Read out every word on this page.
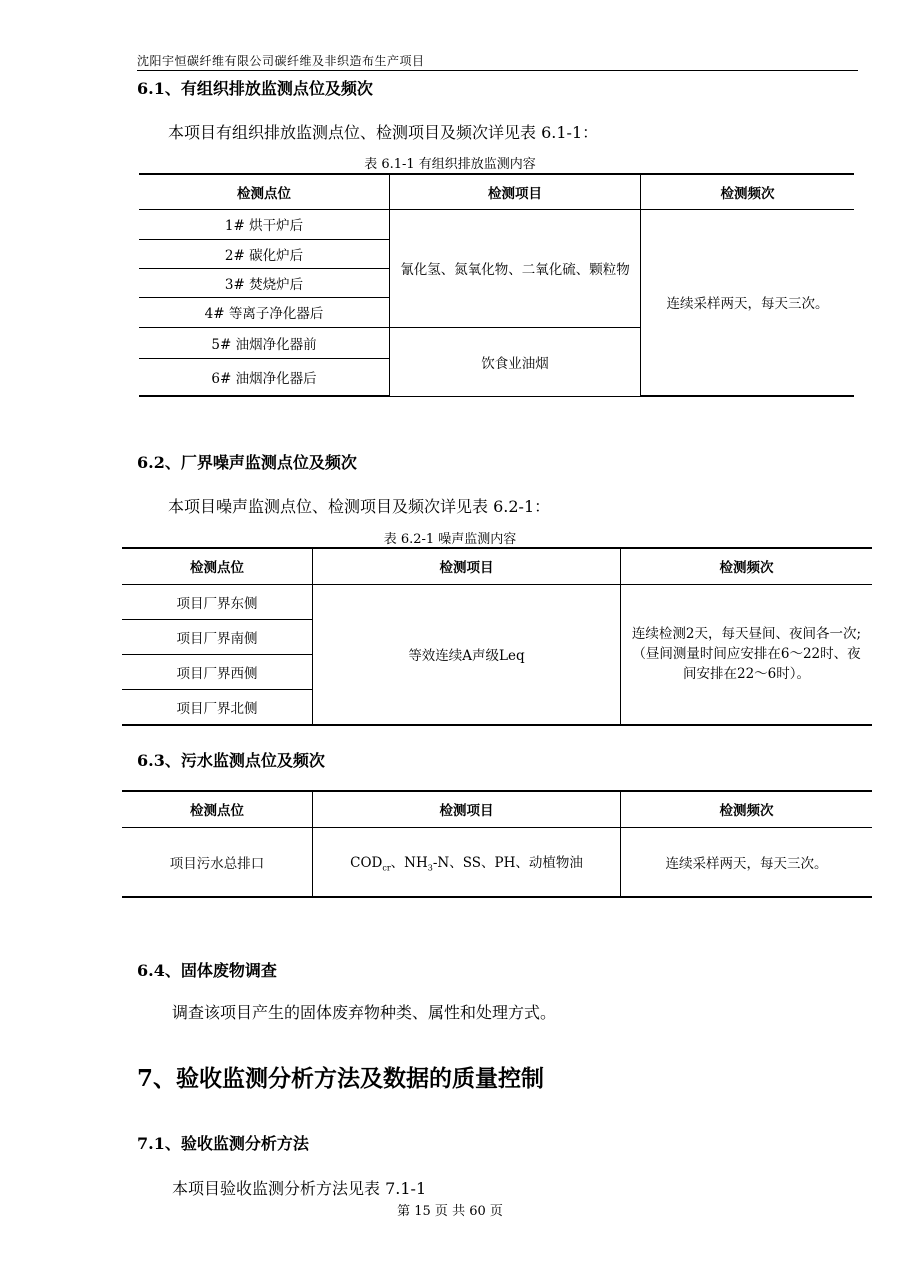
沈阳宇恒碳纤维有限公司碳纤维及非织造布生产项目
6.1、有组织排放监测点位及频次
本项目有组织排放监测点位、检测项目及频次详见表 6.1-1：
表 6.1-1 有组织排放监测内容
检测点位	检测项目	检测频次
1# 烘干炉后	氰化氢、氮氧化物、二氧化硫、颗粒物	连续采样两天，每天三次。
2# 碳化炉后		
3# 焚烧炉后		
4# 等离子净化器后		
5# 油烟净化器前	饮食业油烟	
6# 油烟净化器后		
6.2、厂界噪声监测点位及频次
本项目噪声监测点位、检测项目及频次详见表 6.2-1：
表 6.2-1 噪声监测内容
检测点位	检测项目	检测频次
项目厂界东侧	等效连续A声级Leq	连续检测2天，每天昼间、夜间各一次;（昼间测量时间应安排在6～22时、夜间安排在22～6时）。
项目厂界南侧		
项目厂界西侧		
项目厂界北侧		
6.3、污水监测点位及频次
检测点位	检测项目	检测频次
项目污水总排口	$COD_{cr}$、$NH_3-N$、SS、PH、动植物油	连续采样两天，每天三次。
6.4、固体废物调查
调查该项目产生的固体废弃物种类、属性和处理方式。
7、验收监测分析方法及数据的质量控制
7.1、验收监测分析方法
本项目验收监测分析方法见表 7.1-1
第 15 页 共 60 页
